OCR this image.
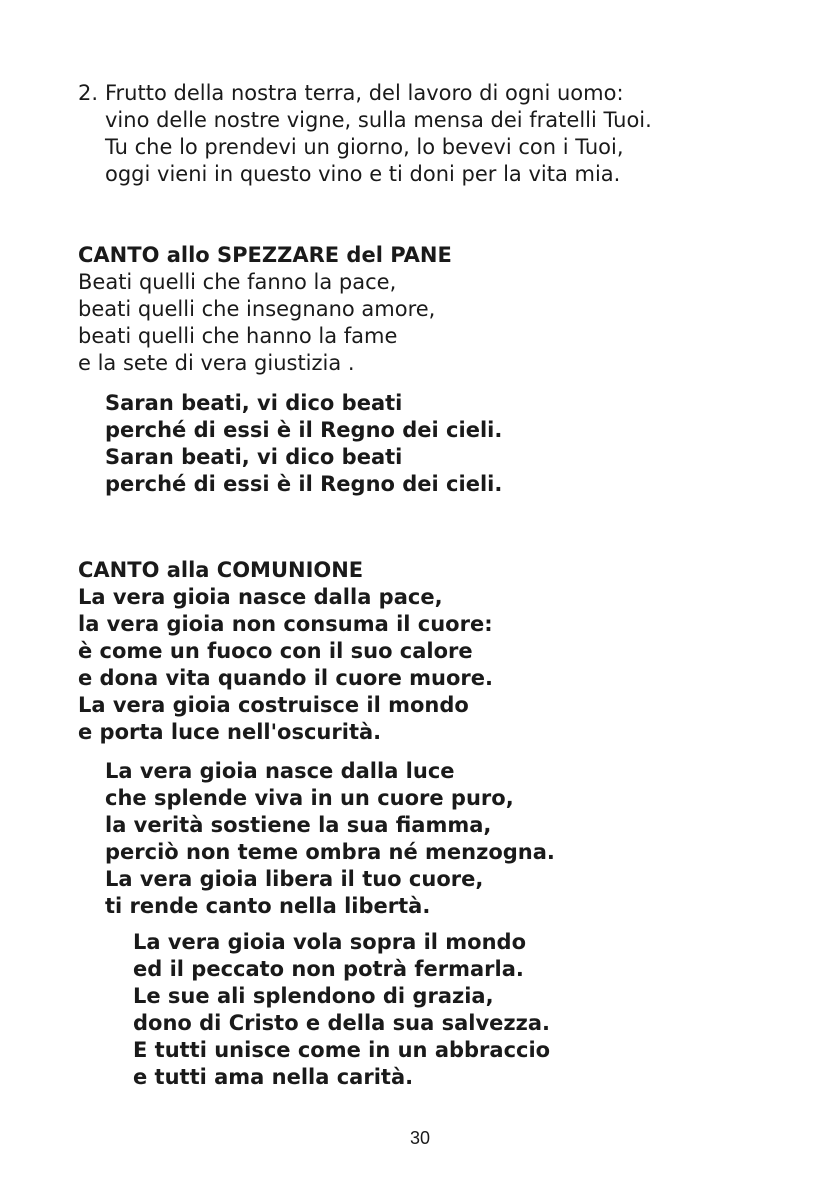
2. Frutto della nostra terra, del lavoro di ogni uomo:
vino delle nostre vigne, sulla mensa dei fratelli Tuoi.
Tu che lo prendevi un giorno, lo bevevi con i Tuoi,
oggi vieni in questo vino e ti doni per la vita mia.
CANTO allo SPEZZARE del PANE
Beati quelli che fanno la pace,
beati quelli che insegnano amore,
beati quelli che hanno la fame
e la sete di vera giustizia .
Saran beati, vi dico beati
perché di essi è il Regno dei cieli.
Saran beati, vi dico beati
perché di essi è il Regno dei cieli.
CANTO alla COMUNIONE
La vera gioia nasce dalla pace,
la vera gioia non consuma il cuore:
è come un fuoco con il suo calore
e dona vita quando il cuore muore.
La vera gioia costruisce il mondo
e porta luce nell'oscurità.
La vera gioia nasce dalla luce
che splende viva in un cuore puro,
la verità sostiene la sua fiamma,
perciò non teme ombra né menzogna.
La vera gioia libera il tuo cuore,
ti rende canto nella libertà.
La vera gioia vola sopra il mondo
ed il peccato non potrà fermarla.
Le sue ali splendono di grazia,
dono di Cristo e della sua salvezza.
E tutti unisce come in un abbraccio
e tutti ama nella carità.
30
